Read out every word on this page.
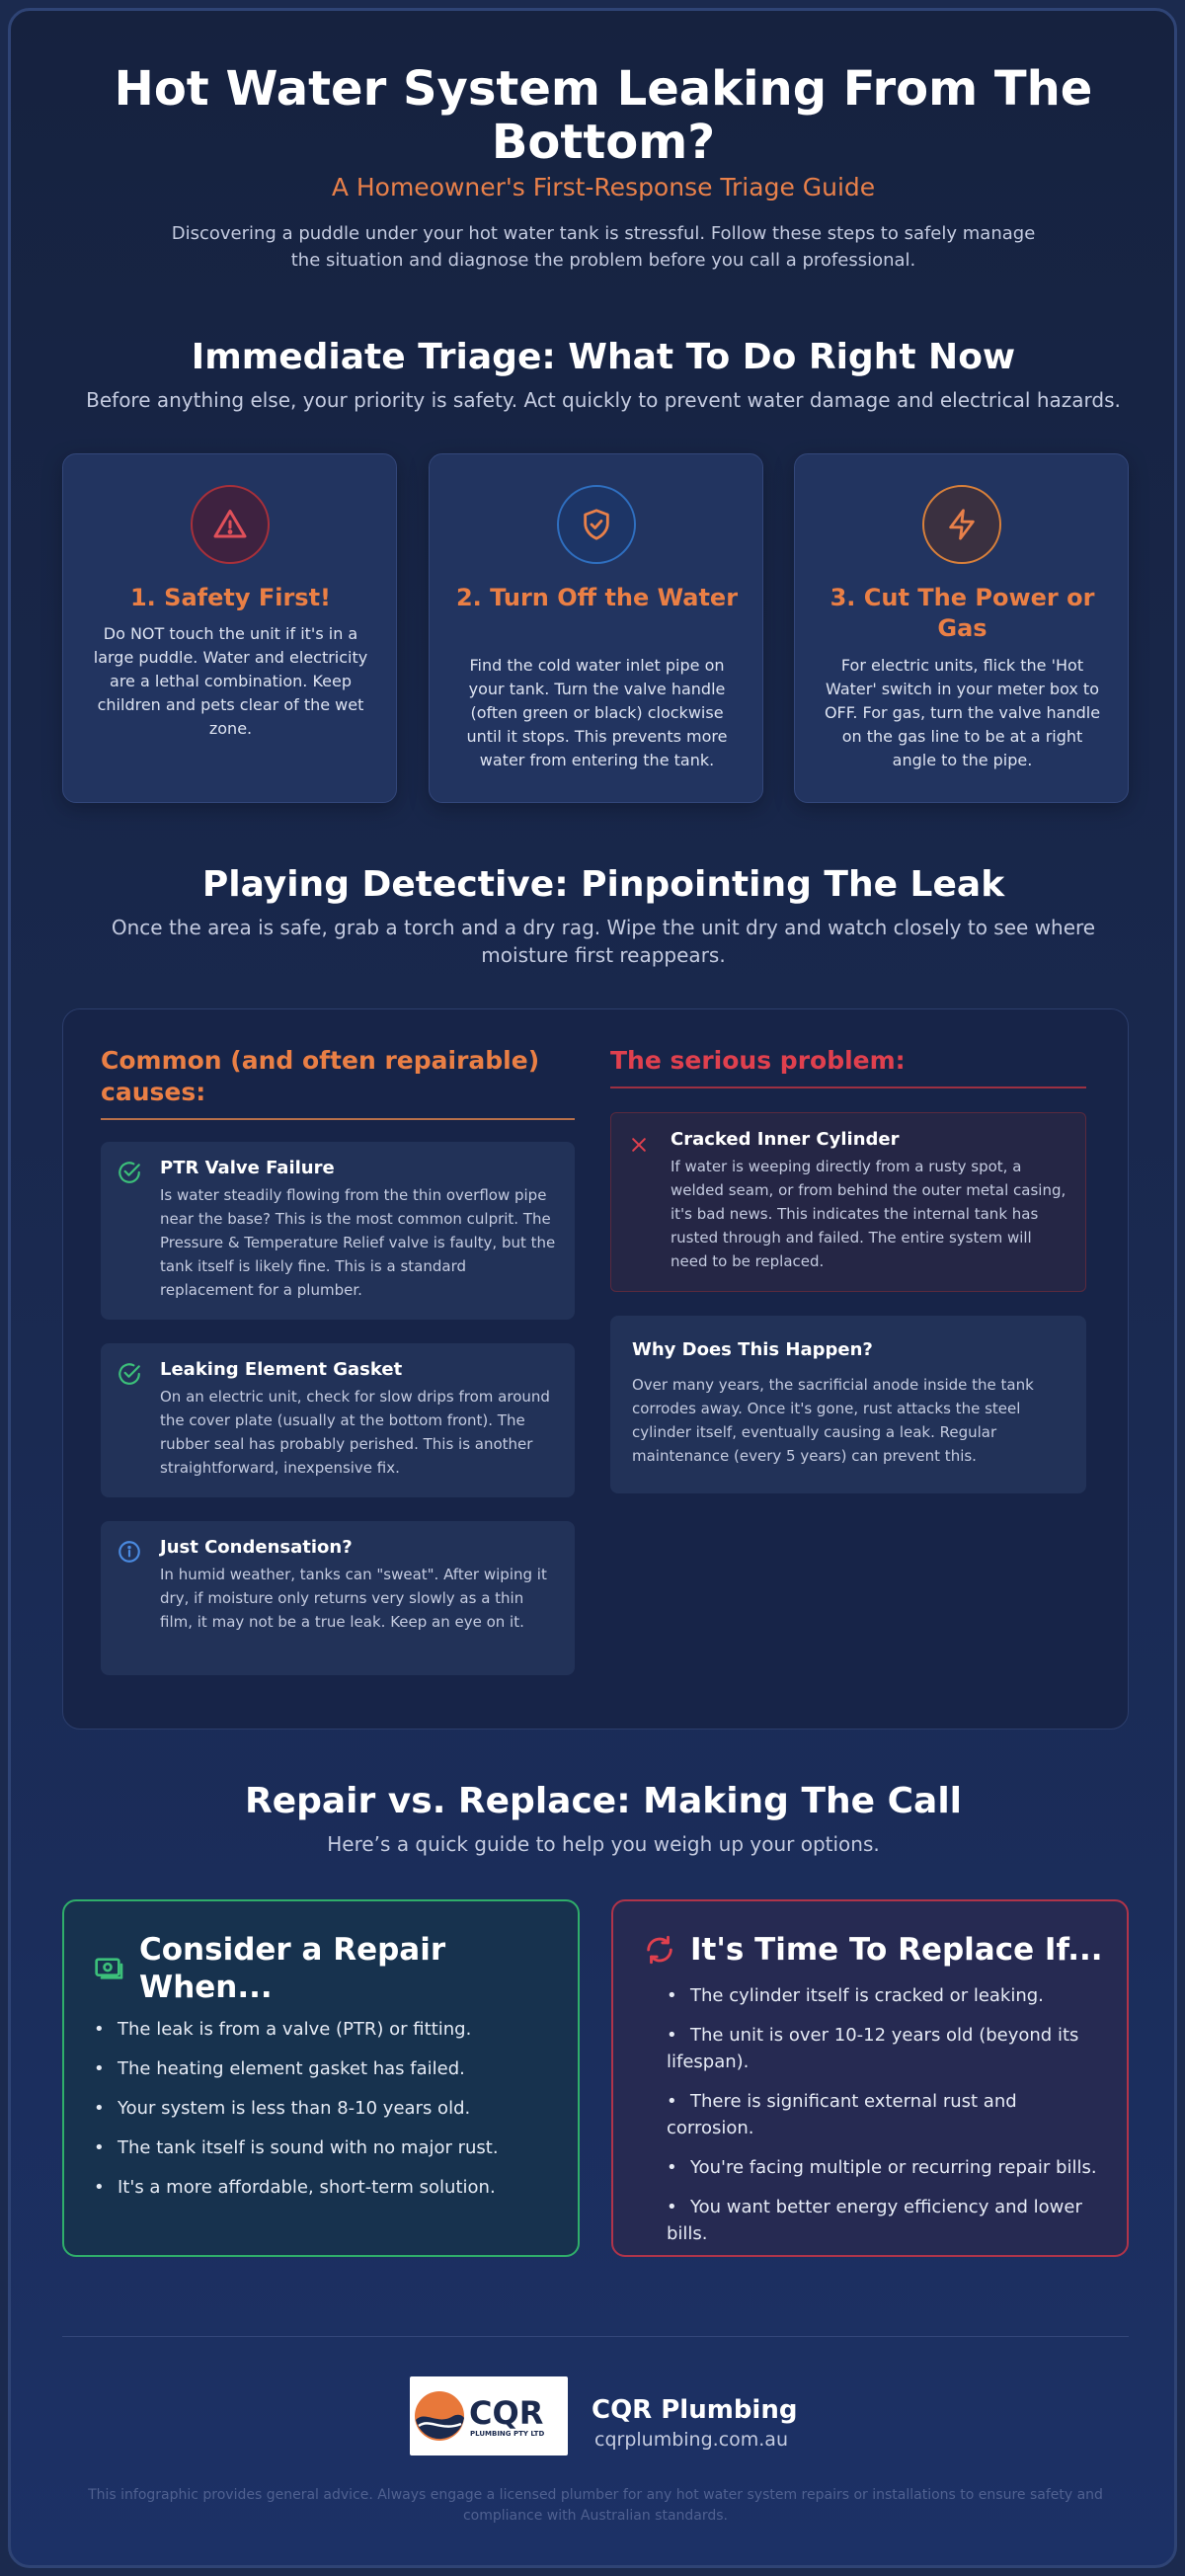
Hot Water System Leaking From The Bottom?
A Homeowner's First-Response Triage Guide
Discovering a puddle under your hot water tank is stressful. Follow these steps to safely manage the situation and diagnose the problem before you call a professional.
Immediate Triage: What To Do Right Now
Before anything else, your priority is safety. Act quickly to prevent water damage and electrical hazards.
1. Safety First!
Do NOT touch the unit if it's in a large puddle. Water and electricity are a lethal combination. Keep children and pets clear of the wet zone.
2. Turn Off the Water
Find the cold water inlet pipe on your tank. Turn the valve handle (often green or black) clockwise until it stops. This prevents more water from entering the tank.
3. Cut The Power or Gas
For electric units, flick the 'Hot Water' switch in your meter box to OFF. For gas, turn the valve handle on the gas line to be at a right angle to the pipe.
Playing Detective: Pinpointing The Leak
Once the area is safe, grab a torch and a dry rag. Wipe the unit dry and watch closely to see where moisture first reappears.
Common (and often repairable) causes:
PTR Valve Failure
Is water steadily flowing from the thin overflow pipe near the base? This is the most common culprit. The Pressure & Temperature Relief valve is faulty, but the tank itself is likely fine. This is a standard replacement for a plumber.
Leaking Element Gasket
On an electric unit, check for slow drips from around the cover plate (usually at the bottom front). The rubber seal has probably perished. This is another straightforward, inexpensive fix.
Just Condensation?
In humid weather, tanks can "sweat". After wiping it dry, if moisture only returns very slowly as a thin film, it may not be a true leak. Keep an eye on it.
The serious problem:
Cracked Inner Cylinder
If water is weeping directly from a rusty spot, a welded seam, or from behind the outer metal casing, it's bad news. This indicates the internal tank has rusted through and failed. The entire system will need to be replaced.
Why Does This Happen?
Over many years, the sacrificial anode inside the tank corrodes away. Once it's gone, rust attacks the steel cylinder itself, eventually causing a leak. Regular maintenance (every 5 years) can prevent this.
Repair vs. Replace: Making The Call
Here’s a quick guide to help you weigh up your options.
Consider a Repair When...
• The leak is from a valve (PTR) or fitting.
• The heating element gasket has failed.
• Your system is less than 8-10 years old.
• The tank itself is sound with no major rust.
• It's a more affordable, short-term solution.
It's Time To Replace If...
• The cylinder itself is cracked or leaking.
• The unit is over 10-12 years old (beyond its lifespan).
• There is significant external rust and corrosion.
• You're facing multiple or recurring repair bills.
• You want better energy efficiency and lower bills.
CQR
PLUMBING PTY LTD
CQR Plumbing
cqrplumbing.com.au
This infographic provides general advice. Always engage a licensed plumber for any hot water system repairs or installations to ensure safety and compliance with Australian standards.
